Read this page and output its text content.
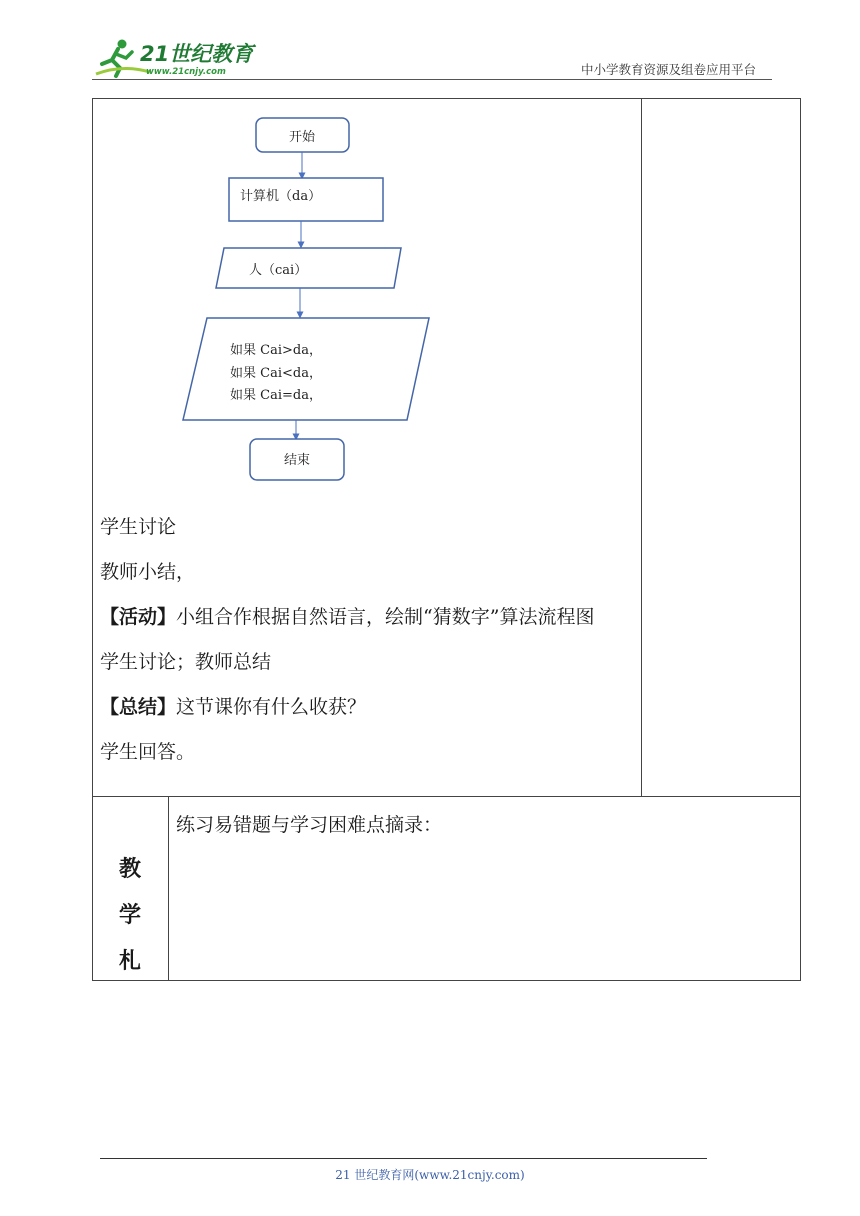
21世纪教育
www.21cnjy.com	中小学教育资源及组卷应用平台
开始
计算机（da）
人（cai）
如果 Cai>da，
如果 Cai<da，
如果 Cai=da，
结束
学生讨论
教师小结，
【活动】小组合作根据自然语言，绘制“猜数字”算法流程图
学生讨论；教师总结
【总结】这节课你有什么收获？
学生回答。
教
学
札
练习易错题与学习困难点摘录：
21 世纪教育网(www.21cnjy.com)
